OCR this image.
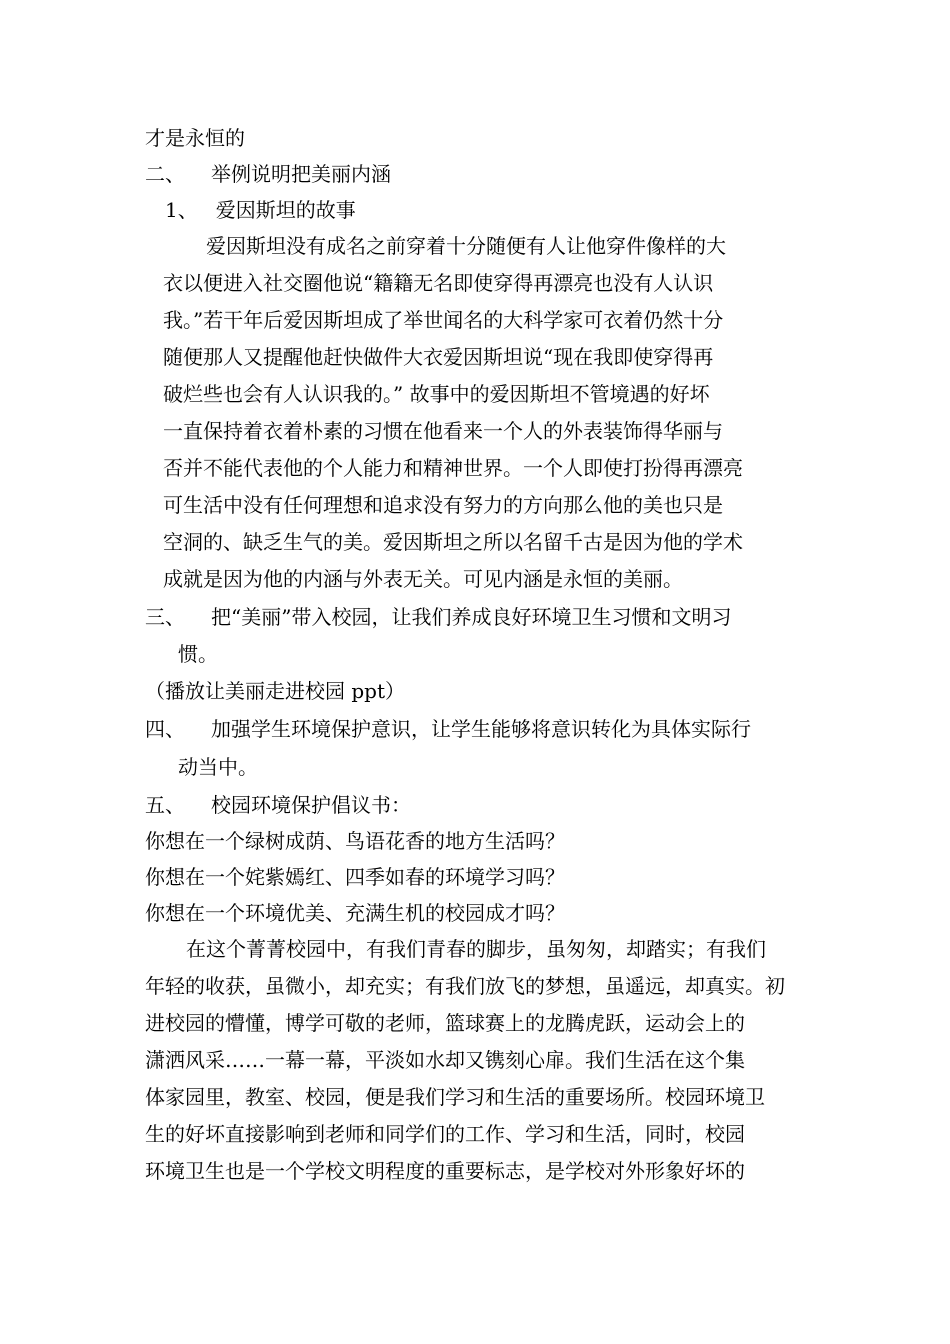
才是永恒的
二、 举例说明把美丽内涵
1、 爱因斯坦的故事
爱因斯坦没有成名之前穿着十分随便有人让他穿件像样的大
衣以便进入社交圈他说“籍籍无名即使穿得再漂亮也没有人认识
我。”若干年后爱因斯坦成了举世闻名的大科学家可衣着仍然十分
随便那人又提醒他赶快做件大衣爱因斯坦说“现在我即使穿得再
破烂些也会有人认识我的。” 故事中的爱因斯坦不管境遇的好坏
一直保持着衣着朴素的习惯在他看来一个人的外表装饰得华丽与
否并不能代表他的个人能力和精神世界。一个人即使打扮得再漂亮
可生活中没有任何理想和追求没有努力的方向那么他的美也只是
空洞的、缺乏生气的美。爱因斯坦之所以名留千古是因为他的学术
成就是因为他的内涵与外表无关。可见内涵是永恒的美丽。
三、 把“美丽”带入校园，让我们养成良好环境卫生习惯和文明习
惯。
（播放让美丽走进校园 ppt）
四、 加强学生环境保护意识，让学生能够将意识转化为具体实际行
动当中。
五、 校园环境保护倡议书：
你想在一个绿树成荫、鸟语花香的地方生活吗？
你想在一个姹紫嫣红、四季如春的环境学习吗？
你想在一个环境优美、充满生机的校园成才吗？
在这个菁菁校园中，有我们青春的脚步，虽匆匆，却踏实；有我们
年轻的收获，虽微小，却充实；有我们放飞的梦想，虽遥远，却真实。初
进校园的懵懂，博学可敬的老师，篮球赛上的龙腾虎跃，运动会上的
潇洒风采……一幕一幕，平淡如水却又镌刻心扉。我们生活在这个集
体家园里，教室、校园，便是我们学习和生活的重要场所。校园环境卫
生的好坏直接影响到老师和同学们的工作、学习和生活，同时，校园
环境卫生也是一个学校文明程度的重要标志，是学校对外形象好坏的
